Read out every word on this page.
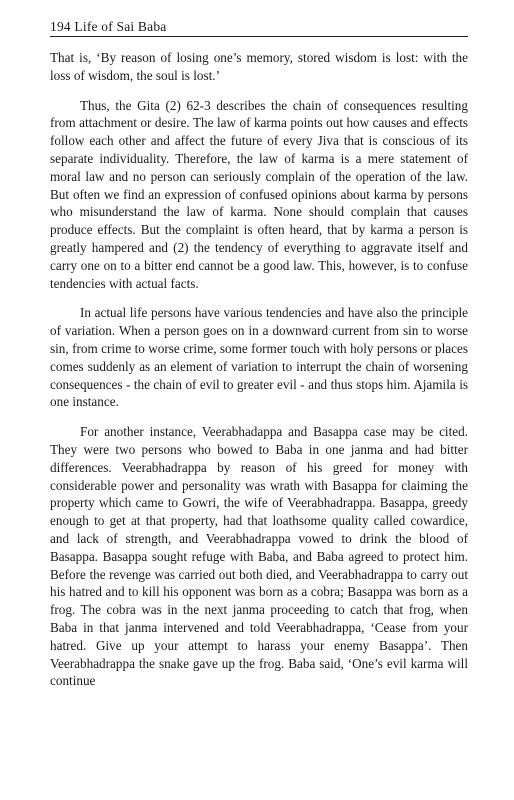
194 Life of Sai Baba

That is, ‘By reason of losing one’s memory, stored wisdom is lost: with the loss of wisdom, the soul is lost.’

Thus, the Gita (2) 62-3 describes the chain of consequences resulting from attachment or desire. The law of karma points out how causes and effects follow each other and affect the future of every Jiva that is conscious of its separate individuality. Therefore, the law of karma is a mere statement of moral law and no person can seriously complain of the operation of the law. But often we find an expression of confused opinions about karma by persons who misunderstand the law of karma. None should complain that causes produce effects. But the complaint is often heard, that by karma a person is greatly hampered and (2) the tendency of everything to aggravate itself and carry one on to a bitter end cannot be a good law. This, however, is to confuse tendencies with actual facts.

In actual life persons have various tendencies and have also the principle of variation. When a person goes on in a downward current from sin to worse sin, from crime to worse crime, some former touch with holy persons or places comes suddenly as an element of variation to interrupt the chain of worsening consequences - the chain of evil to greater evil - and thus stops him. Ajamila is one instance.

For another instance, Veerabhadappa and Basappa case may be cited. They were two persons who bowed to Baba in one janma and had bitter differences. Veerabhadrappa by reason of his greed for money with considerable power and personality was wrath with Basappa for claiming the property which came to Gowri, the wife of Veerabhadrappa. Basappa, greedy enough to get at that property, had that loathsome quality called cowardice, and lack of strength, and Veerabhadrappa vowed to drink the blood of Basappa. Basappa sought refuge with Baba, and Baba agreed to protect him. Before the revenge was carried out both died, and Veerabhadrappa to carry out his hatred and to kill his opponent was born as a cobra; Basappa was born as a frog. The cobra was in the next janma proceeding to catch that frog, when Baba in that janma intervened and told Veerabhadrappa, ‘Cease from your hatred. Give up your attempt to harass your enemy Basappa’. Then Veerabhadrappa the snake gave up the frog. Baba said, ‘One’s evil karma will continue
